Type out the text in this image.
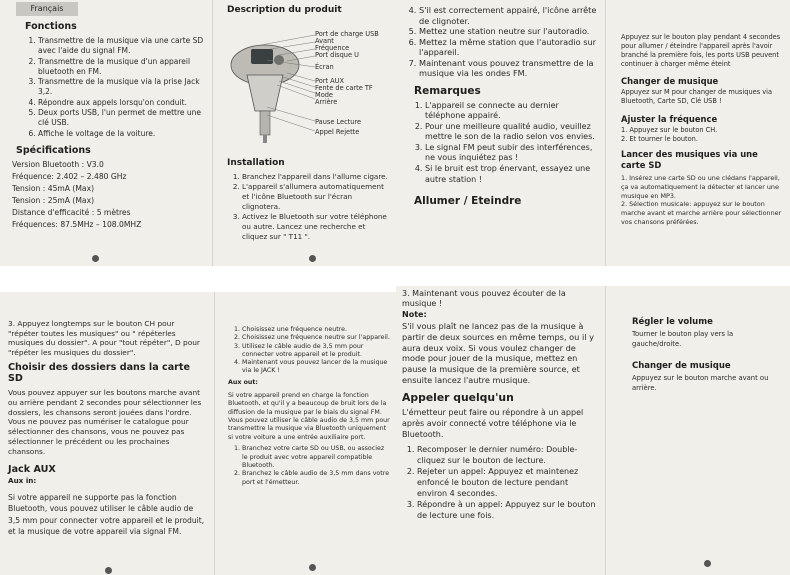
Français

Fonctions

1. Transmettre de la musique via une carte SD avec l'aide du signal FM.
2. Transmettre de la musique d'un appareil bluetooth en FM.
3. Transmettre de la musique via la prise Jack 3,2.
4. Répondre aux appels lorsqu'on conduit.
5. Deux ports USB, l'un permet de mettre une clé USB.
6. Affiche le voltage de la voiture.

Spécifications

Version Bluetooth : V3.0

Fréquence: 2.402 – 2.480 GHz

Tension : 45mA (Max)

Tension : 25mA (Max)

Distance d'efficacité : 5 mètres

Fréquences: 87.5MHz – 108.0MHZ

Description du produit

Port de charge USB

Avant

Fréquence

Port disque U

Écran

Port AUX

Fente de carte TF

Mode

Arrière

Pause Lecture

Appel Rejette

Installation

1. Branchez l'appareil dans l'allume cigare.
2. L'appareil s'allumera automatiquement et l'icône Bluetooth sur l'écran clignotera.
3. Activez le Bluetooth sur votre téléphone ou autre. Lancez une recherche et cliquez sur " T11 ".
4. S'il est correctement appairé, l'icône arrête de clignoter.
5. Mettez une station neutre sur l'autoradio.
6. Mettez la même station que l'autoradio sur l'appareil.
7. Maintenant vous pouvez transmettre de la musique via les ondes FM.

Remarques

1. L'appareil se connecte au dernier téléphone appairé.
2. Pour une meilleure qualité audio, veuillez mettre le son de la radio selon vos envies.
3. Le signal FM peut subir des interférences, ne vous inquiétez pas !
4. Si le bruit est trop énervant, essayez une autre station !

Allumer / Eteindre

Appuyez sur le bouton play pendant 4 secondes pour allumer / éteindre l'appareil après l'avoir branché la première fois, les ports USB peuvent continuer à charger même éteint

Changer de musique

Appuyez sur M pour changer de musiques via Bluetooth, Carte SD, Clé USB !

Ajuster la fréquence

1. Appuyez sur le bouton CH.

2. Et tourner le bouton.

Lancer des musiques via une carte SD

1. Insérez une carte SD ou une clédans l'appareil, ça va automatiquement la détecter et lancer une musique en MP3.

2. Sélection musicale: appuyez sur le bouton marche avant et marche arrière pour sélectionner vos chansons préférées.

3. Appuyez longtemps sur le bouton CH pour "répéter toutes les musiques" ou " répéterles musiques du dossier". A pour "tout répéter", D pour "répéter les musiques du dossier".

Choisir des dossiers dans la carte SD

Vous pouvez appuyer sur les boutons marche avant ou arrière pendant 2 secondes pour sélectionner les dossiers, les chansons seront jouées dans l'ordre. Vous ne pouvez pas numériser le catalogue pour sélectionner des chansons, vous ne pouvez pas sélectionner le précédent ou les prochaines chansons.

Jack AUX

Aux in:

Si votre appareil ne supporte pas la fonction Bluetooth, vous pouvez utiliser le câble audio de 3,5 mm pour connecter votre appareil et le produit, et la musique de votre appareil via signal FM.

1. Choisissez une fréquence neutre.
2. Choisissez une fréquence neutre sur l'appareil.
3. Utilisez le câble audio de 3,5 mm pour connecter votre appareil et le produit.
4. Maintenant vous pouvez lancer de la musique via le JACK !

Aux out:

Si votre appareil prend en charge la fonction Bluetooth, et qu'il y a beaucoup de bruit lors de la diffusion de la musique par le biais du signal FM. Vous pouvez utiliser le câble audio de 3,5 mm pour transmettre la musique via Bluetooth uniquement si votre voiture a une entrée auxiliaire port.

1. Branchez votre carte SD ou USB, ou associez le produit avec votre appareil compatible Bluetooth.
2. Branchez le câble audio de 3,5 mm dans votre port et l'émetteur.

3. Maintenant vous pouvez écouter de la musique !

Note:

S'il vous plaît ne lancez pas de la musique à partir de deux sources en même temps, ou il y aura deux voix. Si vous voulez changer de mode pour jouer de la musique, mettez en pause la musique de la première source, et ensuite lancez l'autre musique.

Appeler quelqu'un

L'émetteur peut faire ou répondre à un appel après avoir connecté votre téléphone via le Bluetooth.

1. Recomposer le dernier numéro: Double-cliquez sur le bouton de lecture.
2. Rejeter un appel: Appuyez et maintenez enfoncé le bouton de lecture pendant environ 4 secondes.
3. Répondre à un appel: Appuyez sur le bouton de lecture une fois.

Régler le volume

Tourner le bouton play vers la gauche/droite.

Changer de musique

Appuyez sur le bouton marche avant ou arrière.
